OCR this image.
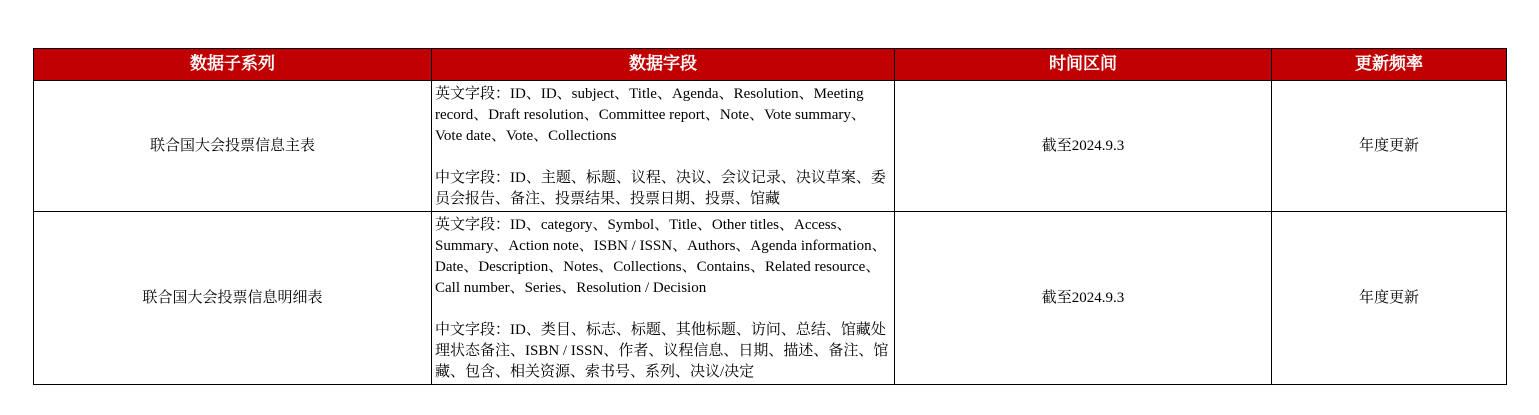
数据子系列	数据字段	时间区间	更新频率
联合国大会投票信息主表	英文字段：ID、ID、subject、Title、Agenda、Resolution、Meeting record、Draft resolution、Committee report、Note、Vote summary、Vote date、Vote、Collections
中文字段：ID、主题、标题、议程、决议、会议记录、决议草案、委员会报告、备注、投票结果、投票日期、投票、馆藏	截至2024.9.3	年度更新
联合国大会投票信息明细表	英文字段：ID、category、Symbol、Title、Other titles、Access、Summary、Action note、ISBN / ISSN、Authors、Agenda information、Date、Description、Notes、Collections、Contains、Related resource、Call number、Series、Resolution / Decision
中文字段：ID、类目、标志、标题、其他标题、访问、总结、馆藏处理状态备注、ISBN / ISSN、作者、议程信息、日期、描述、备注、馆藏、包含、相关资源、索书号、系列、决议/决定	截至2024.9.3	年度更新
